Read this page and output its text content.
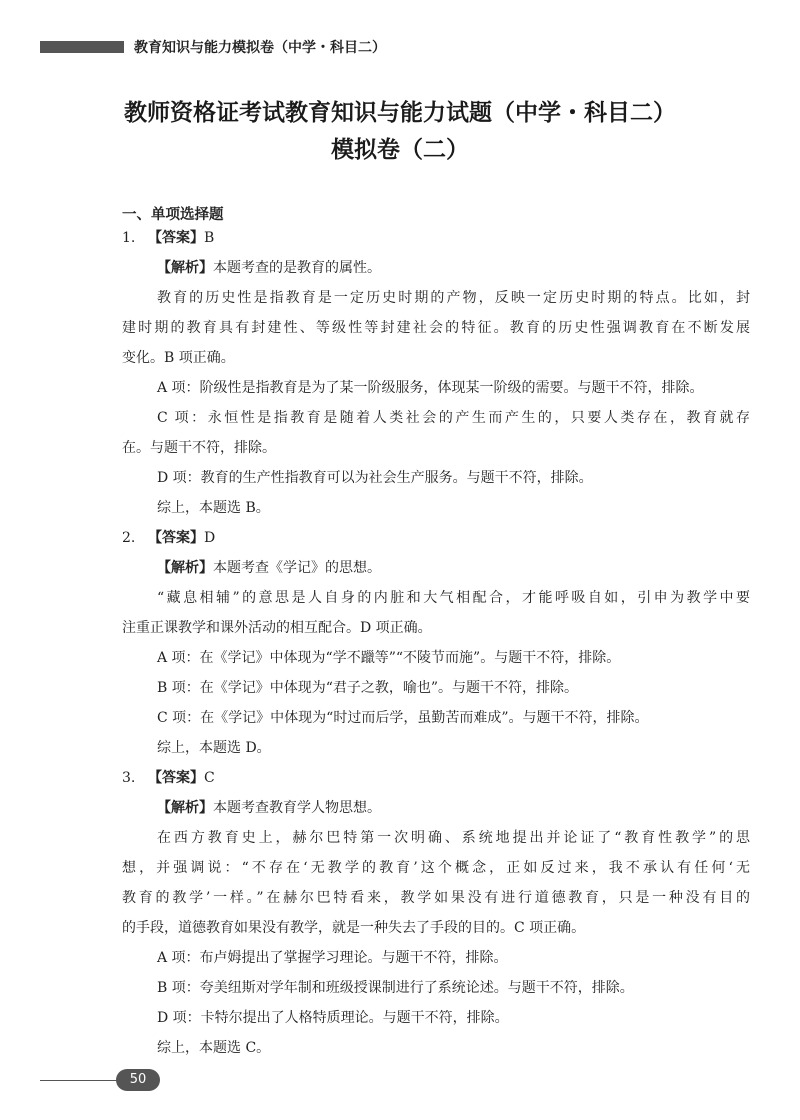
教育知识与能力模拟卷（中学・科目二）
教师资格证考试教育知识与能力试题（中学・科目二）
模拟卷（二）
一、单项选择题
1. 【答案】B
【解析】本题考查的是教育的属性。
教育的历史性是指教育是一定历史时期的产物，反映一定历史时期的特点。比如，封
建时期的教育具有封建性、等级性等封建社会的特征。教育的历史性强调教育在不断发展
变化。B 项正确。
A 项：阶级性是指教育是为了某一阶级服务，体现某一阶级的需要。与题干不符，排除。
C 项：永恒性是指教育是随着人类社会的产生而产生的，只要人类存在，教育就存
在。与题干不符，排除。
D 项：教育的生产性指教育可以为社会生产服务。与题干不符，排除。
综上，本题选 B。
2. 【答案】D
【解析】本题考查《学记》的思想。
“藏息相辅”的意思是人自身的内脏和大气相配合，才能呼吸自如，引申为教学中要
注重正课教学和课外活动的相互配合。D 项正确。
A 项：在《学记》中体现为“学不躐等”“不陵节而施”。与题干不符，排除。
B 项：在《学记》中体现为“君子之教，喻也”。与题干不符，排除。
C 项：在《学记》中体现为“时过而后学，虽勤苦而难成”。与题干不符，排除。
综上，本题选 D。
3. 【答案】C
【解析】本题考查教育学人物思想。
在西方教育史上，赫尔巴特第一次明确、系统地提出并论证了“教育性教学”的思
想，并强调说：“不存在‘无教学的教育’这个概念，正如反过来，我不承认有任何‘无
教育的教学’一样。”在赫尔巴特看来，教学如果没有进行道德教育，只是一种没有目的
的手段，道德教育如果没有教学，就是一种失去了手段的目的。C 项正确。
A 项：布卢姆提出了掌握学习理论。与题干不符，排除。
B 项：夸美纽斯对学年制和班级授课制进行了系统论述。与题干不符，排除。
D 项：卡特尔提出了人格特质理论。与题干不符，排除。
综上，本题选 C。
50
